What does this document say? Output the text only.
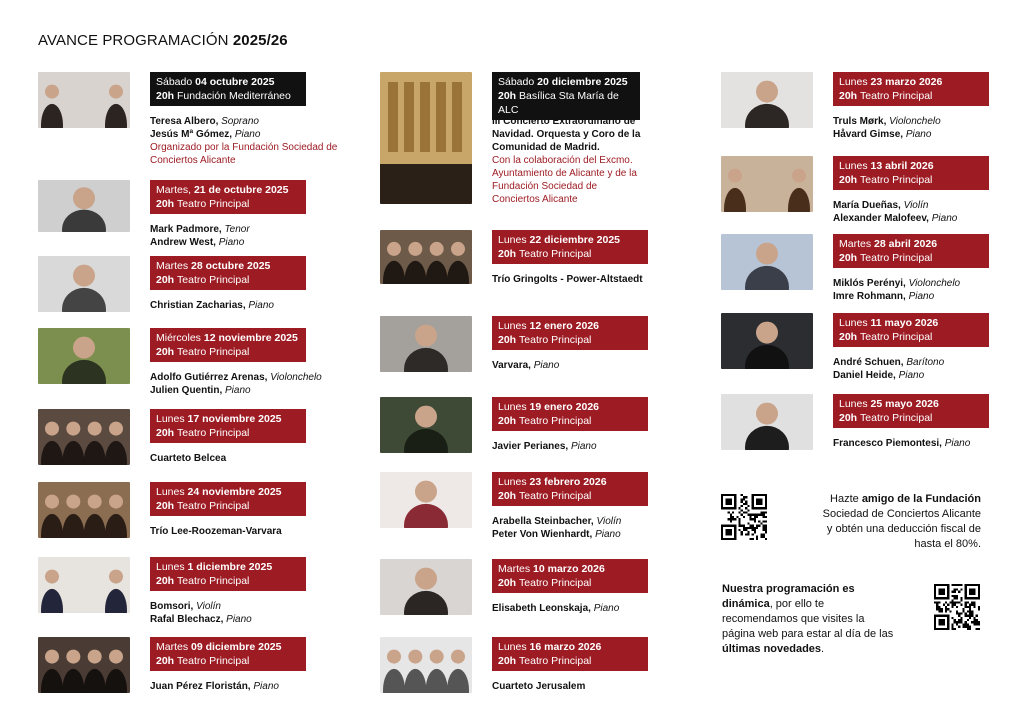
AVANCE PROGRAMACIÓN 2025/26
Sábado 04 octubre 2025
20h Fundación Mediterráneo
Teresa Albero, Soprano
Jesús Mª Gómez, Piano
Organizado por la Fundación Sociedad de Conciertos Alicante
Martes, 21 de octubre 2025
20h Teatro Principal
Mark Padmore, Tenor
Andrew West, Piano
Martes 28 octubre 2025
20h Teatro Principal
Christian Zacharias, Piano
Miércoles 12 noviembre 2025
20h Teatro Principal
Adolfo Gutiérrez Arenas, Violonchelo
Julien Quentin, Piano
Lunes 17 noviembre 2025
20h Teatro Principal
Cuarteto Belcea
Lunes 24 noviembre 2025
20h Teatro Principal
Trío Lee-Roozeman-Varvara
Lunes 1 diciembre 2025
20h Teatro Principal
Bomsori, Violín
Rafal Blechacz, Piano
Martes 09 diciembre 2025
20h Teatro Principal
Juan Pérez Floristán, Piano
Sábado 20 diciembre 2025
20h Basílica Sta María de ALC
III Concierto Extraordinario de Navidad. Orquesta y Coro de la Comunidad de Madrid.
Con la colaboración del Excmo. Ayuntamiento de Alicante y de la Fundación Sociedad de Conciertos Alicante
Lunes 22 diciembre 2025
20h Teatro Principal
Trío Gringolts - Power-Altstaedt
Lunes 12 enero 2026
20h Teatro Principal
Varvara, Piano
Lunes 19 enero 2026
20h Teatro Principal
Javier Perianes, Piano
Lunes 23 febrero 2026
20h Teatro Principal
Arabella Steinbacher, Violín
Peter Von Wienhardt, Piano
Martes 10 marzo 2026
20h Teatro Principal
Elisabeth Leonskaja, Piano
Lunes 16 marzo 2026
20h Teatro Principal
Cuarteto Jerusalem
Lunes 23 marzo 2026
20h Teatro Principal
Truls Mørk, Violonchelo
Håvard Gimse, Piano
Lunes 13 abril 2026
20h Teatro Principal
María Dueñas, Violín
Alexander Malofeev, Piano
Martes 28 abril 2026
20h Teatro Principal
Miklós Perényi, Violonchelo
Imre Rohmann, Piano
Lunes 11 mayo 2026
20h Teatro Principal
André Schuen, Barítono
Daniel Heide, Piano
Lunes 25 mayo 2026
20h Teatro Principal
Francesco Piemontesi, Piano
Hazte amigo de la Fundación
Sociedad de Conciertos Alicante
y obtén una deducción fiscal de
hasta el 80%.
Nuestra programación es
dinámica, por ello te
recomendamos que visites la
página web para estar al día de las
últimas novedades.
